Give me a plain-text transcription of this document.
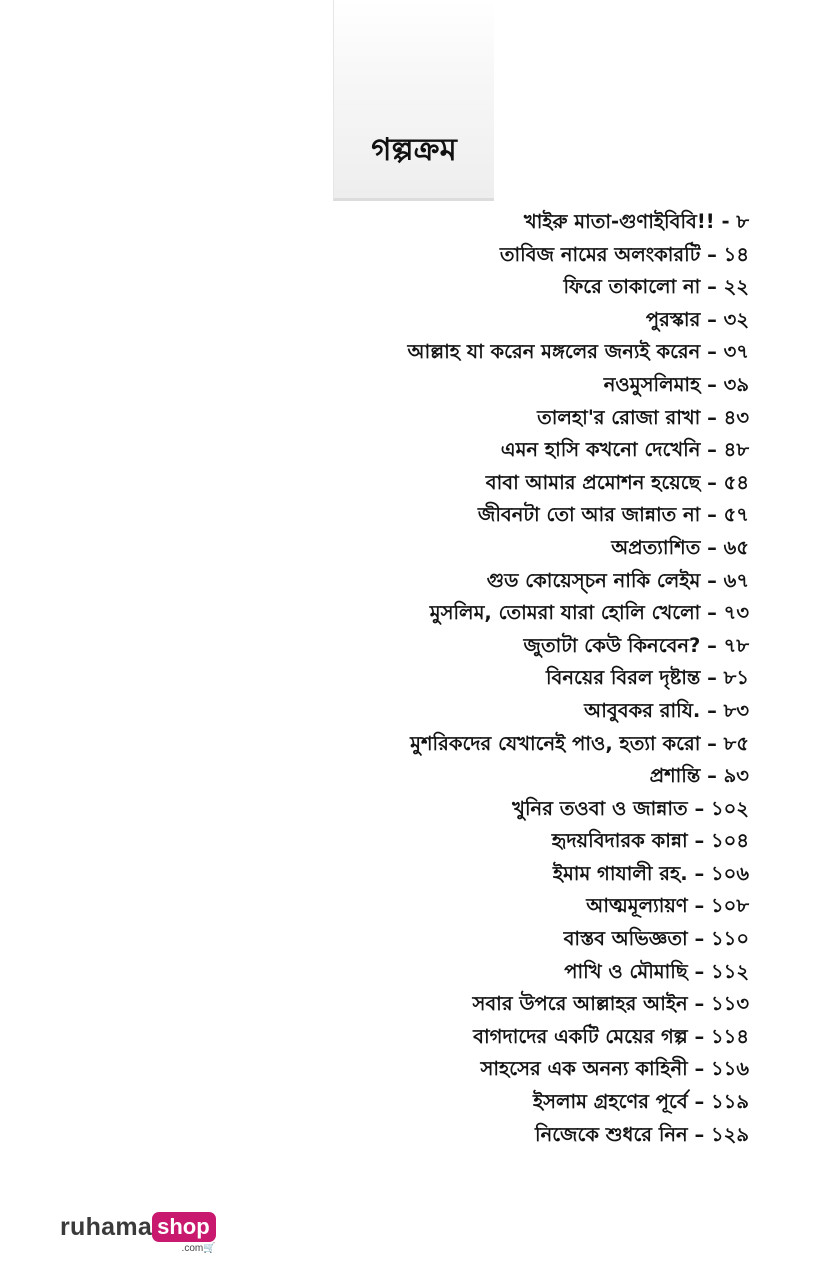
গল্পক্রম
খাইরু মাতা-গুণাইবিবি!! - ৮
তাবিজ নামের অলংকারটি – ১৪
ফিরে তাকালো না – ২২
পুরস্কার – ৩২
আল্লাহ যা করেন মঙ্গলের জন্যই করেন – ৩৭
নওমুসলিমাহ – ৩৯
তালহা'র রোজা রাখা – ৪৩
এমন হাসি কখনো দেখেনি – ৪৮
বাবা আমার প্রমোশন হয়েছে – ৫৪
জীবনটা তো আর জান্নাত না – ৫৭
অপ্রত্যাশিত – ৬৫
গুড কোয়েস্চন নাকি লেইম – ৬৭
মুসলিম, তোমরা যারা হোলি খেলো – ৭৩
জুতাটা কেউ কিনবেন? – ৭৮
বিনয়ের বিরল দৃষ্টান্ত – ৮১
আবুবকর রাযি. – ৮৩
মুশরিকদের যেখানেই পাও, হত্যা করো – ৮৫
প্রশান্তি – ৯৩
খুনির তওবা ও জান্নাত – ১০২
হৃদয়বিদারক কান্না – ১০৪
ইমাম গাযালী রহ. – ১০৬
আত্মমূল্যায়ণ – ১০৮
বাস্তব অভিজ্ঞতা – ১১০
পাখি ও মৌমাছি – ১১২
সবার উপরে আল্লাহর আইন – ১১৩
বাগদাদের একটি মেয়ের গল্প – ১১৪
সাহসের এক অনন্য কাহিনী – ১১৬
ইসলাম গ্রহণের পূর্বে – ১১৯
নিজেকে শুধরে নিন – ১২৯
ruhama shop
.com🛒
